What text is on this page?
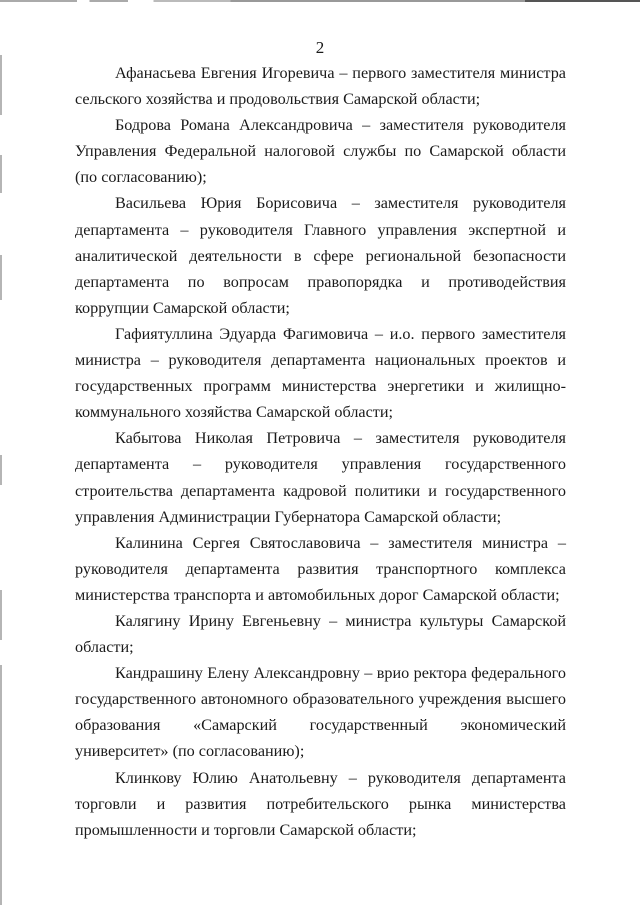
2

Афанасьева Евгения Игоревича – первого заместителя министра сельского хозяйства и продовольствия Самарской области;

Бодрова Романа Александровича – заместителя руководителя Управления Федеральной налоговой службы по Самарской области (по согласованию);

Васильева Юрия Борисовича – заместителя руководителя департамента – руководителя Главного управления экспертной и аналитической деятельности в сфере региональной безопасности департамента по вопросам правопорядка и противодействия коррупции Самарской области;

Гафиятуллина Эдуарда Фагимовича – и.о. первого заместителя министра – руководителя департамента национальных проектов и государственных программ министерства энергетики и жилищно-коммунального хозяйства Самарской области;

Кабытова Николая Петровича – заместителя руководителя департамента – руководителя управления государственного строительства департамента кадровой политики и государственного управления Администрации Губернатора Самарской области;

Калинина Сергея Святославовича – заместителя министра – руководителя департамента развития транспортного комплекса министерства транспорта и автомобильных дорог Самарской области;

Калягину Ирину Евгеньевну – министра культуры Самарской области;

Кандрашину Елену Александровну – врио ректора федерального государственного автономного образовательного учреждения высшего образования «Самарский государственный экономический университет» (по согласованию);

Клинкову Юлию Анатольевну – руководителя департамента торговли и развития потребительского рынка министерства промышленности и торговли Самарской области;
